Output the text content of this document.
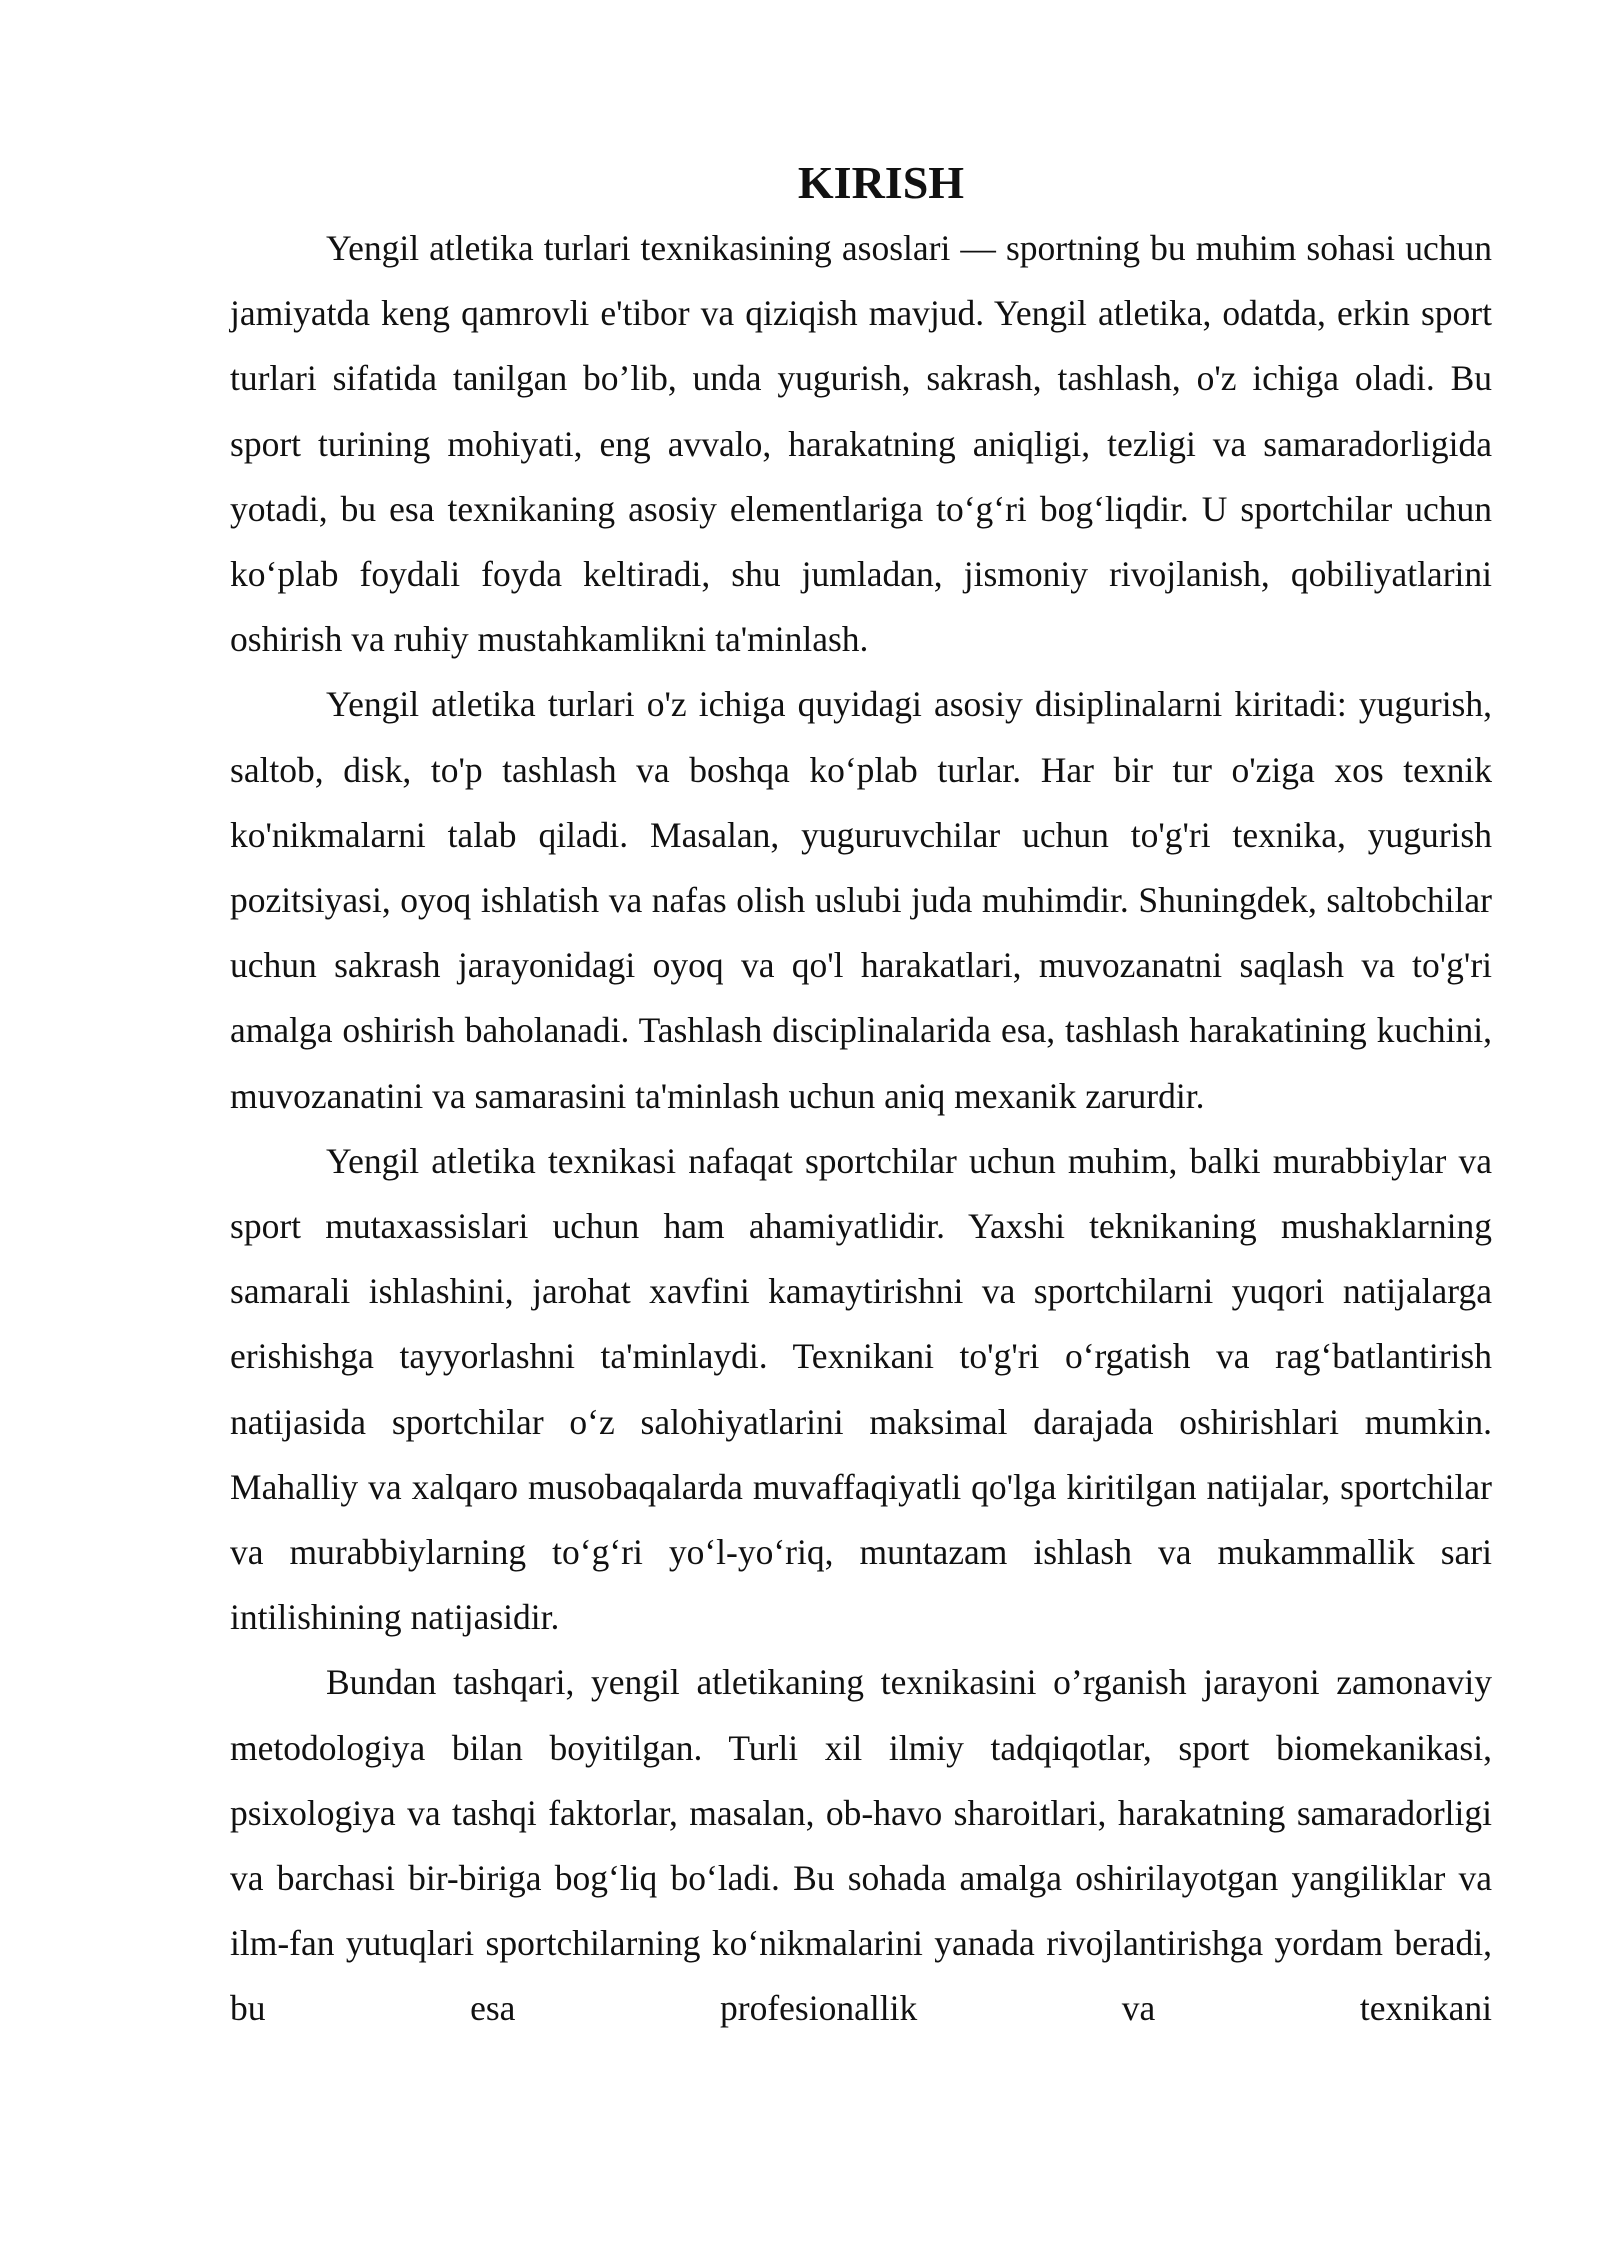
KIRISH

Yengil atletika turlari texnikasining asoslari — sportning bu muhim sohasi uchun jamiyatda keng qamrovli e'tibor va qiziqish mavjud. Yengil atletika, odatda, erkin sport turlari sifatida tanilgan bo’lib, unda yugurish, sakrash, tashlash, o'z ichiga oladi. Bu sport turining mohiyati, eng avvalo, harakatning aniqligi, tezligi va samaradorligida yotadi, bu esa texnikaning asosiy elementlariga to‘g‘ri bog‘liqdir. U sportchilar uchun ko‘plab foydali foyda keltiradi, shu jumladan, jismoniy rivojlanish, qobiliyatlarini oshirish va ruhiy mustahkamlikni ta'minlash.

Yengil atletika turlari o'z ichiga quyidagi asosiy disiplinalarni kiritadi: yugurish, saltob, disk, to'p tashlash va boshqa ko‘plab turlar. Har bir tur o'ziga xos texnik ko'nikmalarni talab qiladi. Masalan, yuguruvchilar uchun to'g'ri texnika, yugurish pozitsiyasi, oyoq ishlatish va nafas olish uslubi juda muhimdir. Shuningdek, saltobchilar uchun sakrash jarayonidagi oyoq va qo'l harakatlari, muvozanatni saqlash va to'g'ri amalga oshirish baholanadi. Tashlash disciplinalarida esa, tashlash harakatining kuchini, muvozanatini va samarasini ta'minlash uchun aniq mexanik zarurdir.

Yengil atletika texnikasi nafaqat sportchilar uchun muhim, balki murabbiylar va sport mutaxassislari uchun ham ahamiyatlidir. Yaxshi teknikaning mushaklarning samarali ishlashini, jarohat xavfini kamaytirishni va sportchilarni yuqori natijalarga erishishga tayyorlashni ta'minlaydi. Texnikani to'g'ri o‘rgatish va rag‘batlantirish natijasida sportchilar o‘z salohiyatlarini maksimal darajada oshirishlari mumkin. Mahalliy va xalqaro musobaqalarda muvaffaqiyatli qo'lga kiritilgan natijalar, sportchilar va murabbiylarning to‘g‘ri yo‘l-yo‘riq, muntazam ishlash va mukammallik sari intilishining natijasidir.

Bundan tashqari, yengil atletikaning texnikasini o’rganish jarayoni zamonaviy metodologiya bilan boyitilgan. Turli xil ilmiy tadqiqotlar, sport biomekanikasi, psixologiya va tashqi faktorlar, masalan, ob-havo sharoitlari, harakatning samaradorligi va barchasi bir-biriga bog‘liq bo‘ladi. Bu sohada amalga oshirilayotgan yangiliklar va ilm-fan yutuqlari sportchilarning ko‘nikmalarini yanada rivojlantirishga yordam beradi, bu esa profesionallik va texnikani
